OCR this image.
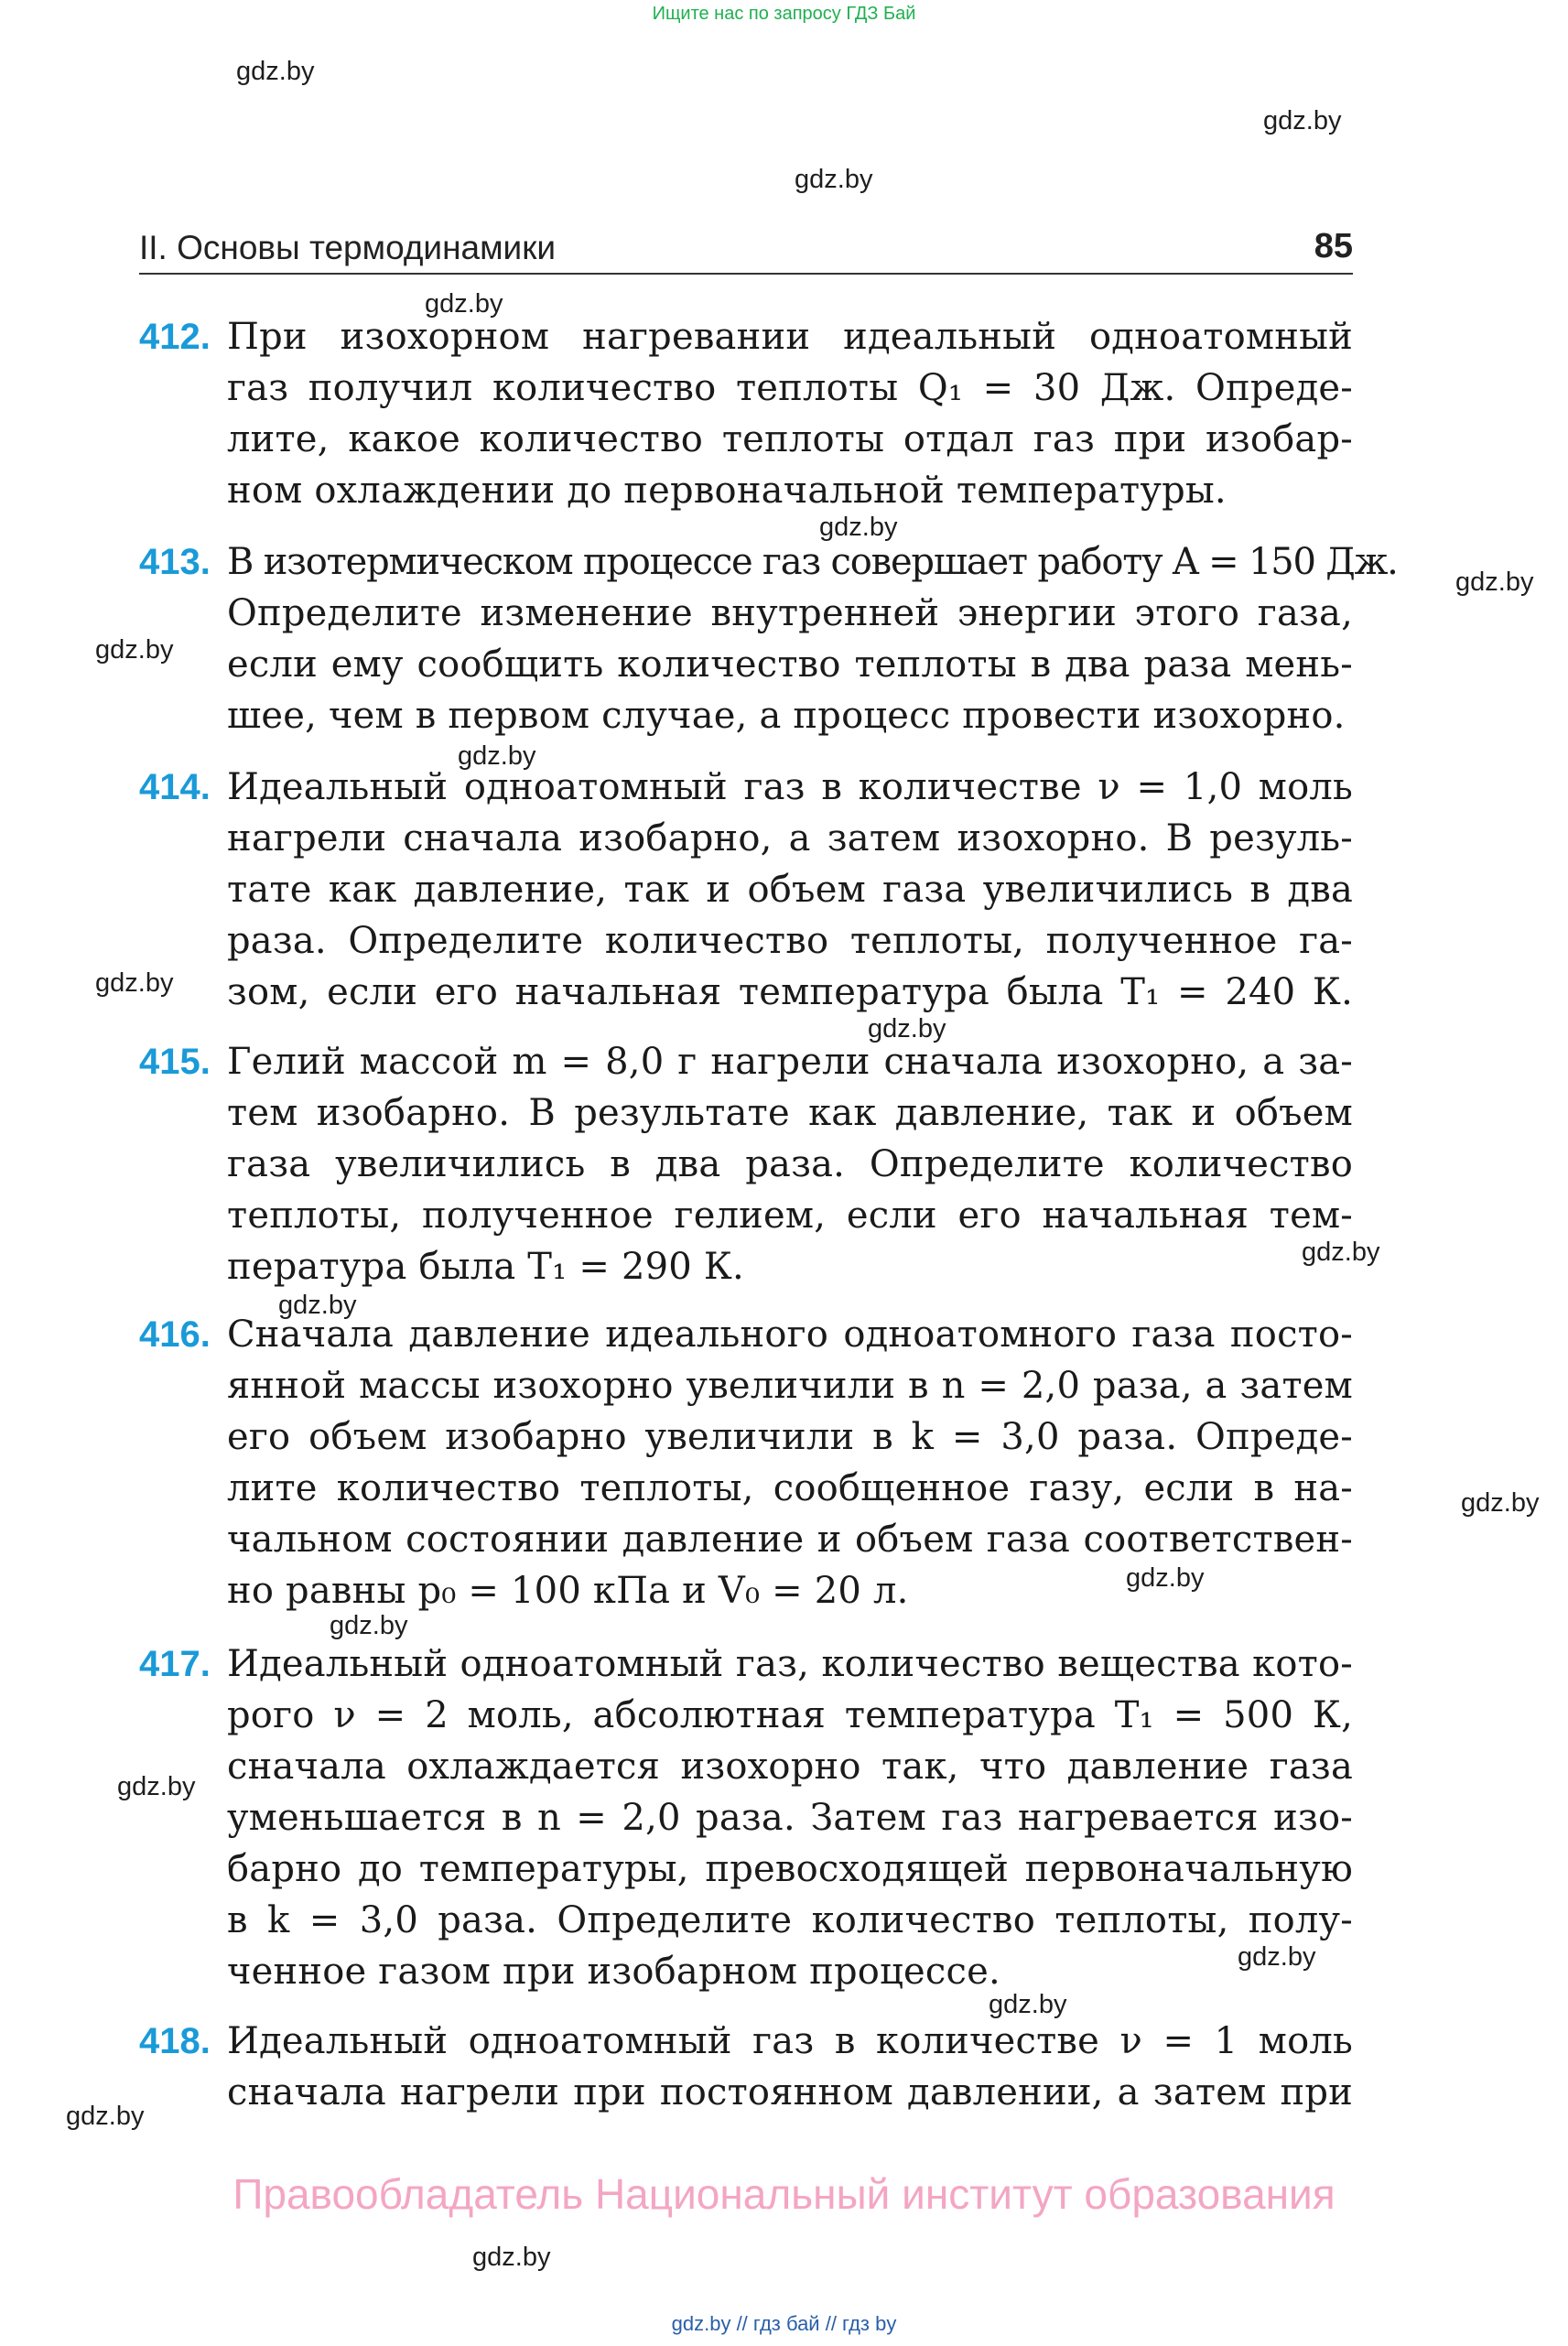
Ищите нас по запросу ГДЗ Бай
gdz.by
gdz.by
gdz.by
gdz.by
gdz.by
gdz.by
gdz.by
gdz.by
gdz.by
gdz.by
gdz.by
gdz.by
gdz.by
gdz.by
gdz.by
gdz.by
gdz.by
gdz.by
gdz.by
gdz.by
II. Основы термодинамики	85
412. При изохорном нагревании идеальный одноатомный
газ получил количество теплоты Q₁ = 30 Дж. Опреде-
лите, какое количество теплоты отдал газ при изобар-
ном охлаждении до первоначальной температуры.
413. В изотермическом процессе газ совершает работу A = 150 Дж.
Определите изменение внутренней энергии этого газа,
если ему сообщить количество теплоты в два раза мень-
шее, чем в первом случае, а процесс провести изохорно.
414. Идеальный одноатомный газ в количестве ν = 1,0 моль
нагрели сначала изобарно, а затем изохорно. В резуль-
тате как давление, так и объем газа увеличились в два
раза. Определите количество теплоты, полученное га-
зом, если его начальная температура была T₁ = 240 К.
415. Гелий массой m = 8,0 г нагрели сначала изохорно, а за-
тем изобарно. В результате как давление, так и объем
газа увеличились в два раза. Определите количество
теплоты, полученное гелием, если его начальная тем-
пература была T₁ = 290 К.
416. Сначала давление идеального одноатомного газа посто-
янной массы изохорно увеличили в n = 2,0 раза, а затем
его объем изобарно увеличили в k = 3,0 раза. Опреде-
лите количество теплоты, сообщенное газу, если в на-
чальном состоянии давление и объем газа соответствен-
но равны p₀ = 100 кПа и V₀ = 20 л.
417. Идеальный одноатомный газ, количество вещества кото-
рого ν = 2 моль, абсолютная температура T₁ = 500 К,
сначала охлаждается изохорно так, что давление газа
уменьшается в n = 2,0 раза. Затем газ нагревается изо-
барно до температуры, превосходящей первоначальную
в k = 3,0 раза. Определите количество теплоты, полу-
ченное газом при изобарном процессе.
418. Идеальный одноатомный газ в количестве ν = 1 моль
сначала нагрели при постоянном давлении, а затем при
Правообладатель Национальный институт образования
gdz.by // гдз бай // гдз by
